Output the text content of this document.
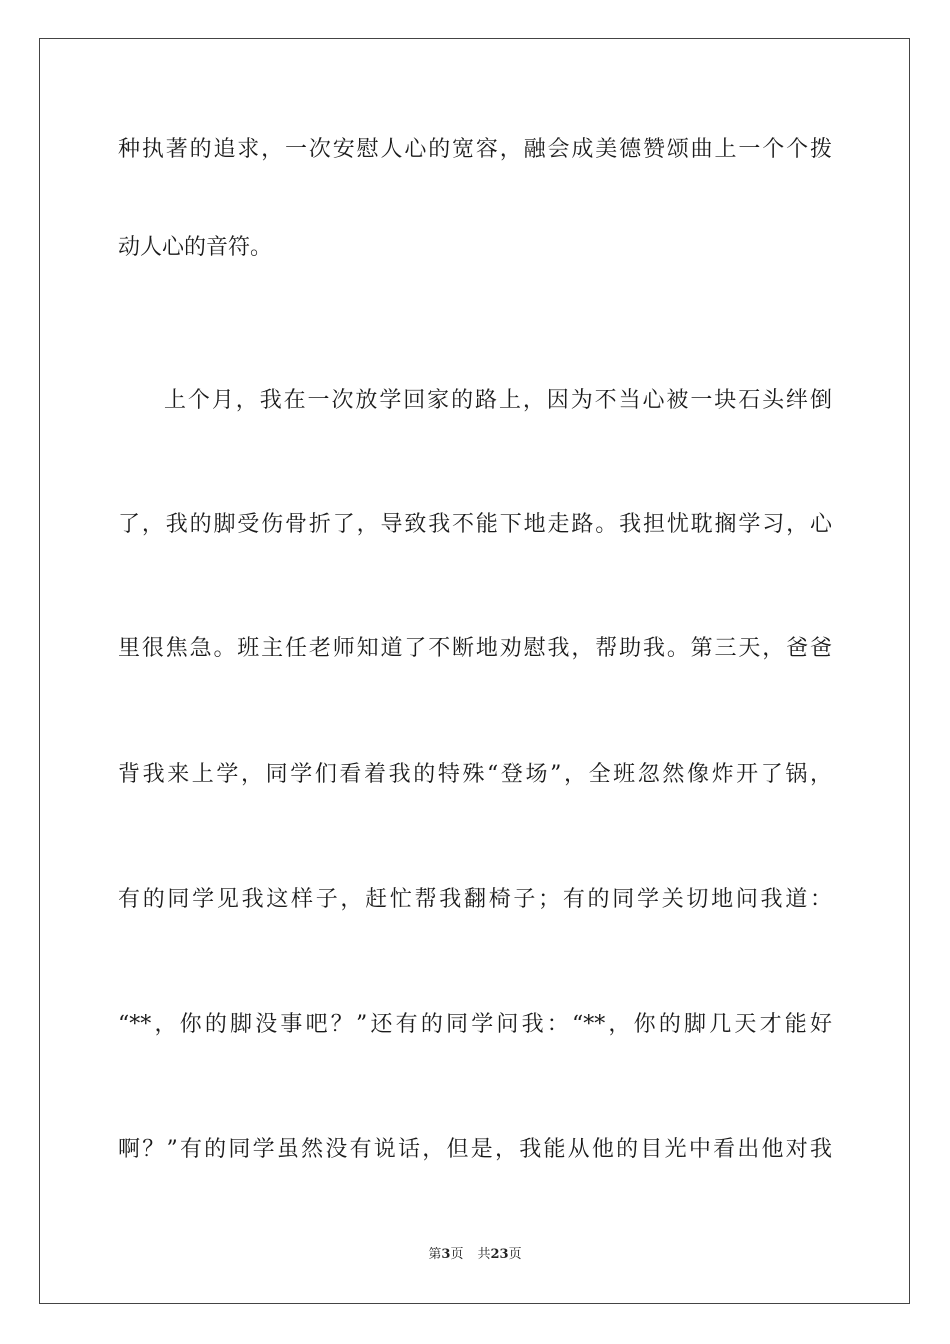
种执著的追求，一次安慰人心的宽容，融会成美德赞颂曲上一个个拨
动人心的音符。
上个月，我在一次放学回家的路上，因为不当心被一块石头绊倒
了，我的脚受伤骨折了，导致我不能下地走路。我担忧耽搁学习，心
里很焦急。班主任老师知道了不断地劝慰我，帮助我。第三天，爸爸
背我来上学，同学们看着我的特殊“登场”，全班忽然像炸开了锅，
有的同学见我这样子，赶忙帮我翻椅子；有的同学关切地问我道：
“**，你的脚没事吧？”还有的同学问我：“**，你的脚几天才能好
啊？”有的同学虽然没有说话，但是，我能从他的目光中看出他对我
第3页 共23页
